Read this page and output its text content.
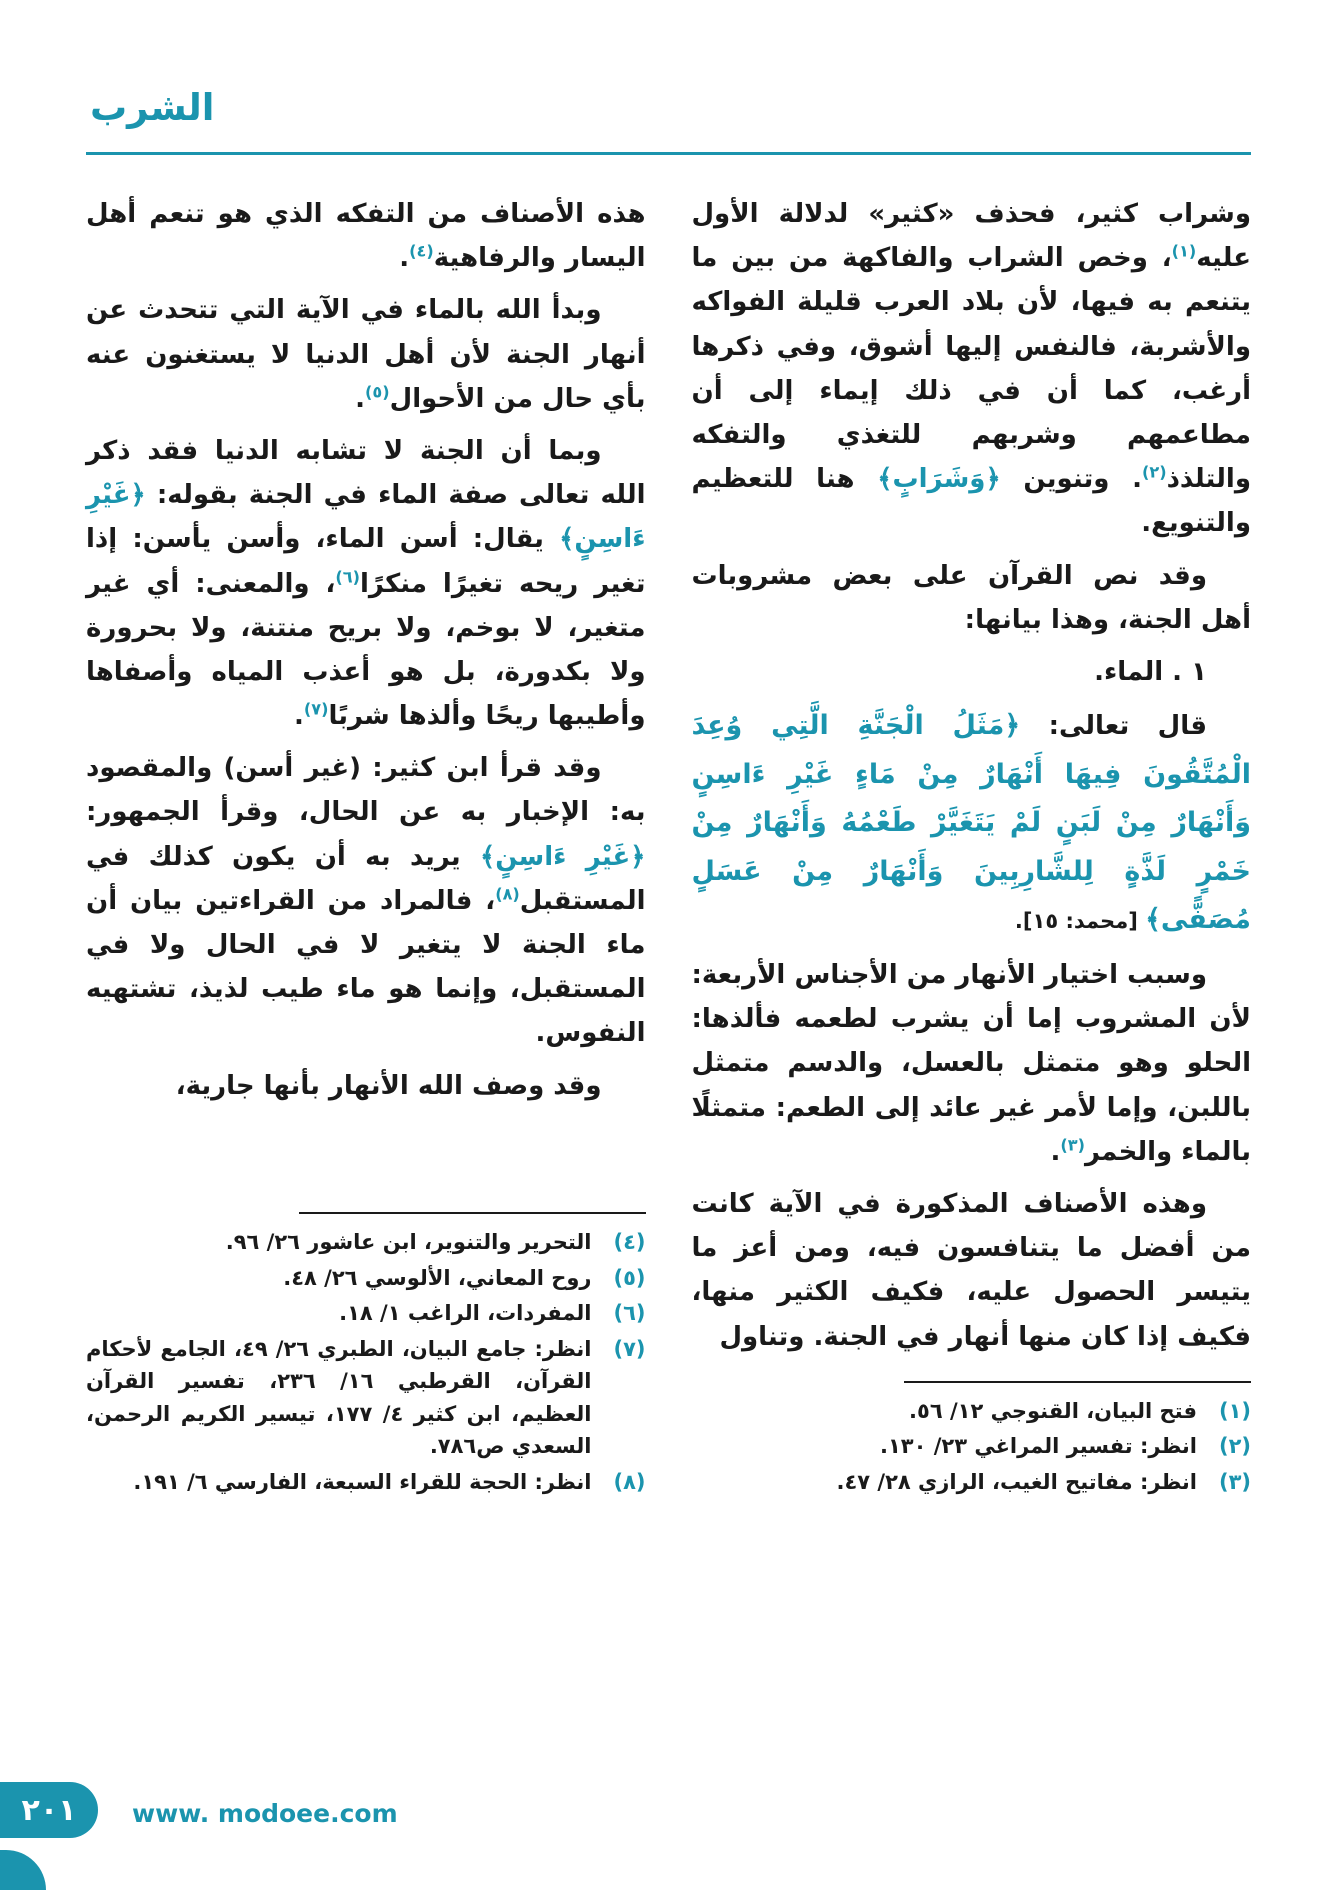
الشرب

وشراب كثير، فحذف «كثير» لدلالة الأول عليه$^{(١)}$، وخص الشراب والفاكهة من بين ما يتنعم به فيها، لأن بلاد العرب قليلة الفواكه والأشربة، فالنفس إليها أشوق، وفي ذكرها أرغب، كما أن في ذلك إيماء إلى أن مطاعمهم وشربهم للتغذي والتفكه والتلذذ$^{(٢)}$. وتنوين ﴿وَشَرَابٍ﴾ هنا للتعظيم والتنويع.

وقد نص القرآن على بعض مشروبات أهل الجنة، وهذا بيانها:

١ . الماء.

قال تعالى: ﴿مَثَلُ الْجَنَّةِ الَّتِي وُعِدَ الْمُتَّقُونَ فِيهَا أَنْهَارٌ مِنْ مَاءٍ غَيْرِ ءَاسِنٍ وَأَنْهَارٌ مِنْ لَبَنٍ لَمْ يَتَغَيَّرْ طَعْمُهُ وَأَنْهَارٌ مِنْ خَمْرٍ لَذَّةٍ لِلشَّارِبِينَ وَأَنْهَارٌ مِنْ عَسَلٍ مُصَفًّى﴾ [محمد: ١٥].

وسبب اختيار الأنهار من الأجناس الأربعة: لأن المشروب إما أن يشرب لطعمه فألذها: الحلو وهو متمثل بالعسل، والدسم متمثل باللبن، وإما لأمر غير عائد إلى الطعم: متمثلًا بالماء والخمر$^{(٣)}$.

وهذه الأصناف المذكورة في الآية كانت من أفضل ما يتنافسون فيه، ومن أعز ما يتيسر الحصول عليه، فكيف الكثير منها، فكيف إذا كان منها أنهار في الجنة. وتناول

(١)
فتح البيان، القنوجي ١٢/ ٥٦.
(٢)
انظر: تفسير المراغي ٢٣/ ١٣٠.
(٣)
انظر: مفاتيح الغيب، الرازي ٢٨/ ٤٧.

هذه الأصناف من التفكه الذي هو تنعم أهل اليسار والرفاهية$^{(٤)}$.

وبدأ الله بالماء في الآية التي تتحدث عن أنهار الجنة لأن أهل الدنيا لا يستغنون عنه بأي حال من الأحوال$^{(٥)}$.

وبما أن الجنة لا تشابه الدنيا فقد ذكر الله تعالى صفة الماء في الجنة بقوله: ﴿غَيْرِ ءَاسِنٍ﴾ يقال: أسن الماء، وأسن يأسن: إذا تغير ريحه تغيرًا منكرًا$^{(٦)}$، والمعنى: أي غير متغير، لا بوخم، ولا بريح منتنة، ولا بحرورة ولا بكدورة، بل هو أعذب المياه وأصفاها وأطيبها ريحًا وألذها شربًا$^{(٧)}$.

وقد قرأ ابن كثير: (غير أسن) والمقصود به: الإخبار به عن الحال، وقرأ الجمهور: ﴿غَيْرِ ءَاسِنٍ﴾ يريد به أن يكون كذلك في المستقبل$^{(٨)}$، فالمراد من القراءتين بيان أن ماء الجنة لا يتغير لا في الحال ولا في المستقبل، وإنما هو ماء طيب لذيذ، تشتهيه النفوس.

وقد وصف الله الأنهار بأنها جارية،

(٤)
التحرير والتنوير، ابن عاشور ٢٦/ ٩٦.
(٥)
روح المعاني، الألوسي ٢٦/ ٤٨.
(٦)
المفردات، الراغب ١/ ١٨.
(٧)
انظر: جامع البيان، الطبري ٢٦/ ٤٩، الجامع لأحكام القرآن، القرطبي ١٦/ ٢٣٦، تفسير القرآن العظيم، ابن كثير ٤/ ١٧٧، تيسير الكريم الرحمن، السعدي ص٧٨٦.
(٨)
انظر: الحجة للقراء السبعة، الفارسي ٦/ ١٩١.
٢٠١ www. modoee.com
